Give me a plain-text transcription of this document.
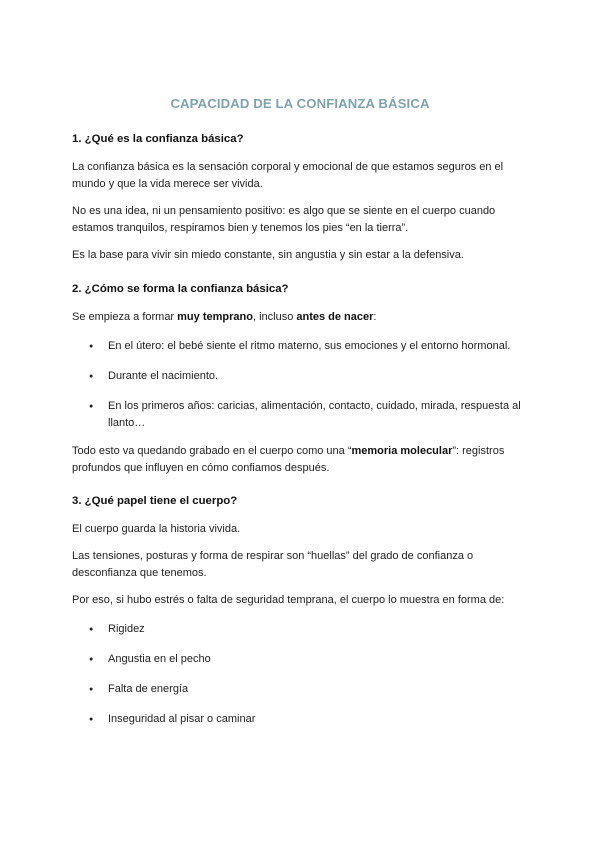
CAPACIDAD DE LA CONFIANZA BÁSICA
1. ¿Qué es la confianza básica?

La confianza básica es la sensación corporal y emocional de que estamos seguros en el mundo y que la vida merece ser vivida.

No es una idea, ni un pensamiento positivo: es algo que se siente en el cuerpo cuando estamos tranquilos, respiramos bien y tenemos los pies “en la tierra”.

Es la base para vivir sin miedo constante, sin angustia y sin estar a la defensiva.

2. ¿Cómo se forma la confianza básica?

Se empieza a formar muy temprano, incluso antes de nacer:

● En el útero: el bebé siente el ritmo materno, sus emociones y el entorno hormonal.
● Durante el nacimiento.
● En los primeros años: caricias, alimentación, contacto, cuidado, mirada, respuesta al llanto…

Todo esto va quedando grabado en el cuerpo como una “memoria molecular”: registros profundos que influyen en cómo confiamos después.

3. ¿Qué papel tiene el cuerpo?

El cuerpo guarda la historia vivida.

Las tensiones, posturas y forma de respirar son “huellas” del grado de confianza o desconfianza que tenemos.

Por eso, si hubo estrés o falta de seguridad temprana, el cuerpo lo muestra en forma de:

● Rigidez
● Angustia en el pecho
● Falta de energía
● Inseguridad al pisar o caminar
